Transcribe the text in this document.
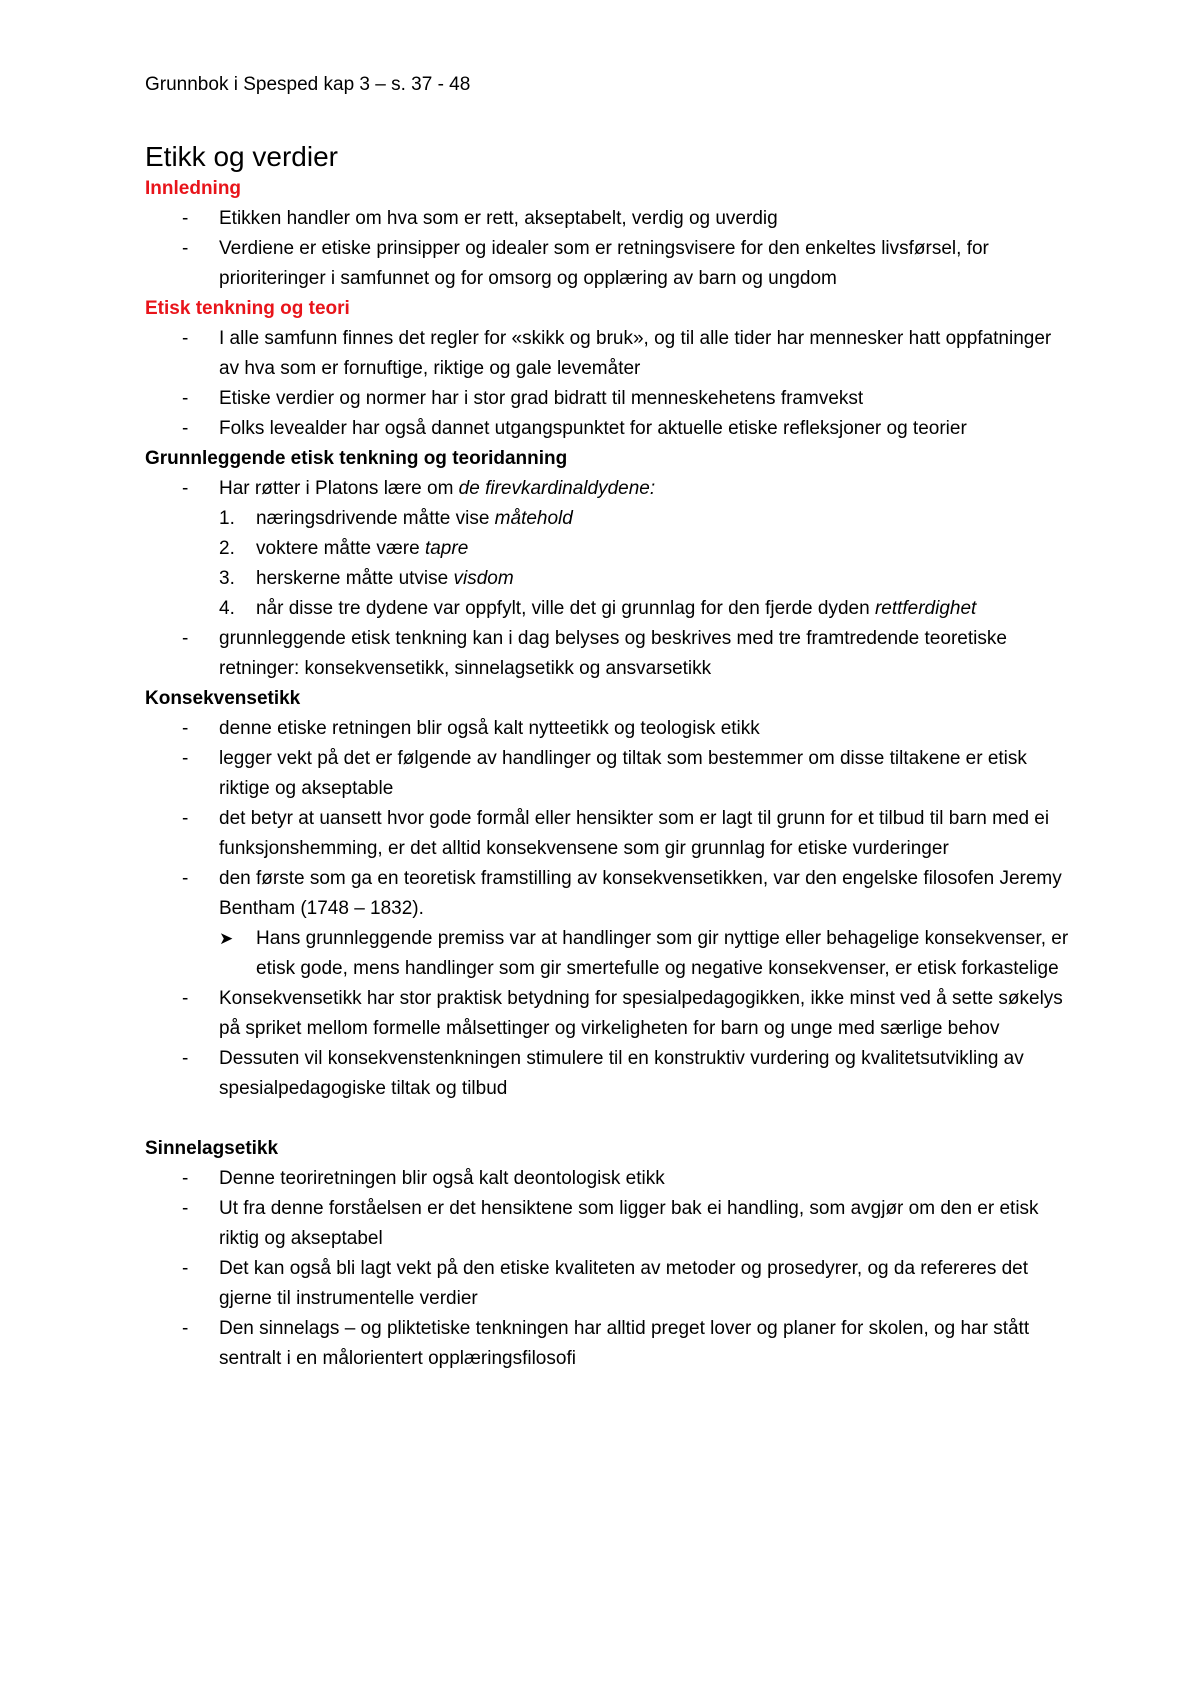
Grunnbok i Spesped kap 3 – s. 37 - 48
Etikk og verdier
Innledning
-	Etikken handler om hva som er rett, akseptabelt, verdig og uverdig
-	Verdiene er etiske prinsipper og idealer som er retningsvisere for den enkeltes livsførsel, for prioriteringer i samfunnet og for omsorg og opplæring av barn og ungdom
Etisk tenkning og teori
-	I alle samfunn finnes det regler for «skikk og bruk», og til alle tider har mennesker hatt oppfatninger av hva som er fornuftige, riktige og gale levemåter
-	Etiske verdier og normer har i stor grad bidratt til menneskehetens framvekst
-	Folks levealder har også dannet utgangspunktet for aktuelle etiske refleksjoner og teorier
Grunnleggende etisk tenkning og teoridanning
-	Har røtter i Platons lære om de firevkardinaldydene:
1. næringsdrivende måtte vise måtehold
2. voktere måtte være tapre
3. herskerne måtte utvise visdom
4. når disse tre dydene var oppfylt, ville det gi grunnlag for den fjerde dyden rettferdighet
-	grunnleggende etisk tenkning kan i dag belyses og beskrives med tre framtredende teoretiske retninger: konsekvensetikk, sinnelagsetikk og ansvarsetikk
Konsekvensetikk
-	denne etiske retningen blir også kalt nytteetikk og teologisk etikk
-	legger vekt på det er følgende av handlinger og tiltak som bestemmer om disse tiltakene er etisk riktige og akseptable
-	det betyr at uansett hvor gode formål eller hensikter som er lagt til grunn for et tilbud til barn med ei funksjonshemming, er det alltid konsekvensene som gir grunnlag for etiske vurderinger
-	den første som ga en teoretisk framstilling av konsekvensetikken, var den engelske filosofen Jeremy Bentham (1748 – 1832).
➤ Hans grunnleggende premiss var at handlinger som gir nyttige eller behagelige konsekvenser, er etisk gode, mens handlinger som gir smertefulle og negative konsekvenser, er etisk forkastelige
-	Konsekvensetikk har stor praktisk betydning for spesialpedagogikken, ikke minst ved å sette søkelys på spriket mellom formelle målsettinger og virkeligheten for barn og unge med særlige behov
-	Dessuten vil konsekvenstenkningen stimulere til en konstruktiv vurdering og kvalitetsutvikling av spesialpedagogiske tiltak og tilbud
Sinnelagsetikk
-	Denne teoriretningen blir også kalt deontologisk etikk
-	Ut fra denne forståelsen er det hensiktene som ligger bak ei handling, som avgjør om den er etisk riktig og akseptabel
-	Det kan også bli lagt vekt på den etiske kvaliteten av metoder og prosedyrer, og da refereres det gjerne til instrumentelle verdier
-	Den sinnelags – og pliktetiske tenkningen har alltid preget lover og planer for skolen, og har stått sentralt i en målorientert opplæringsfilosofi
